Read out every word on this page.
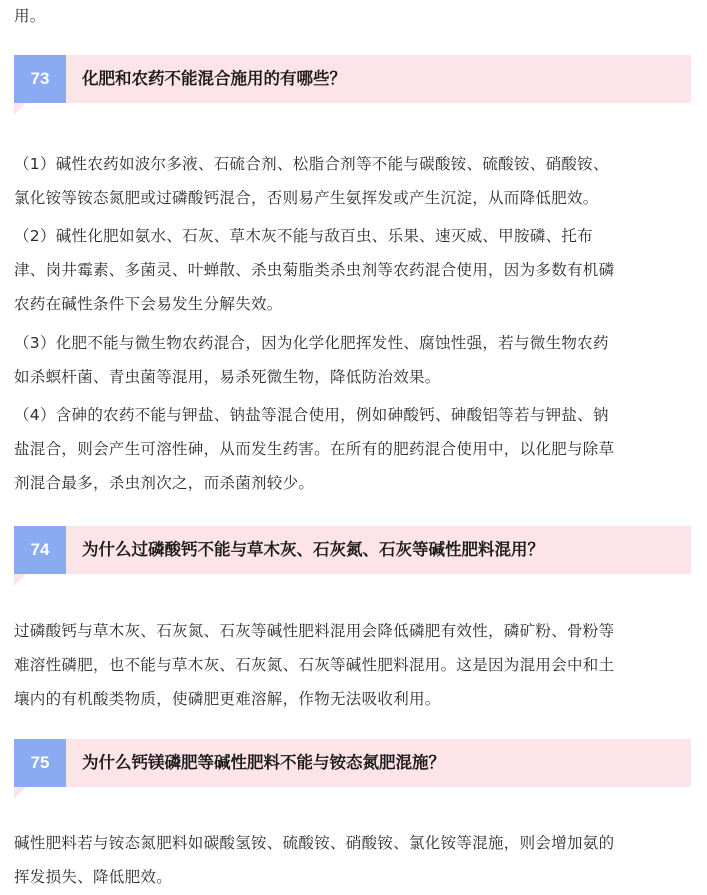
用。

73	化肥和农药不能混合施用的有哪些？
（1）碱性农药如波尔多液、石硫合剂、松脂合剂等不能与碳酸铵、硫酸铵、硝酸铵、
氯化铵等铵态氮肥或过磷酸钙混合，否则易产生氨挥发或产生沉淀，从而降低肥效。
（2）碱性化肥如氨水、石灰、草木灰不能与敌百虫、乐果、速灭威、甲胺磷、托布
津、岗井霉素、多菌灵、叶蝉散、杀虫菊脂类杀虫剂等农药混合使用，因为多数有机磷
农药在碱性条件下会易发生分解失效。
（3）化肥不能与微生物农药混合，因为化学化肥挥发性、腐蚀性强，若与微生物农药
如杀螟杆菌、青虫菌等混用，易杀死微生物，降低防治效果。
（4）含砷的农药不能与钾盐、钠盐等混合使用，例如砷酸钙、砷酸铝等若与钾盐、钠
盐混合，则会产生可溶性砷，从而发生药害。在所有的肥药混合使用中，以化肥与除草
剂混合最多，杀虫剂次之，而杀菌剂较少。
74	为什么过磷酸钙不能与草木灰、石灰氮、石灰等碱性肥料混用？
过磷酸钙与草木灰、石灰氮、石灰等碱性肥料混用会降低磷肥有效性，磷矿粉、骨粉等
难溶性磷肥，也不能与草木灰、石灰氮、石灰等碱性肥料混用。这是因为混用会中和土
壤内的有机酸类物质，使磷肥更难溶解，作物无法吸收利用。
75	为什么钙镁磷肥等碱性肥料不能与铵态氮肥混施？
碱性肥料若与铵态氮肥料如碳酸氢铵、硫酸铵、硝酸铵、氯化铵等混施，则会增加氨的
挥发损失、降低肥效。
